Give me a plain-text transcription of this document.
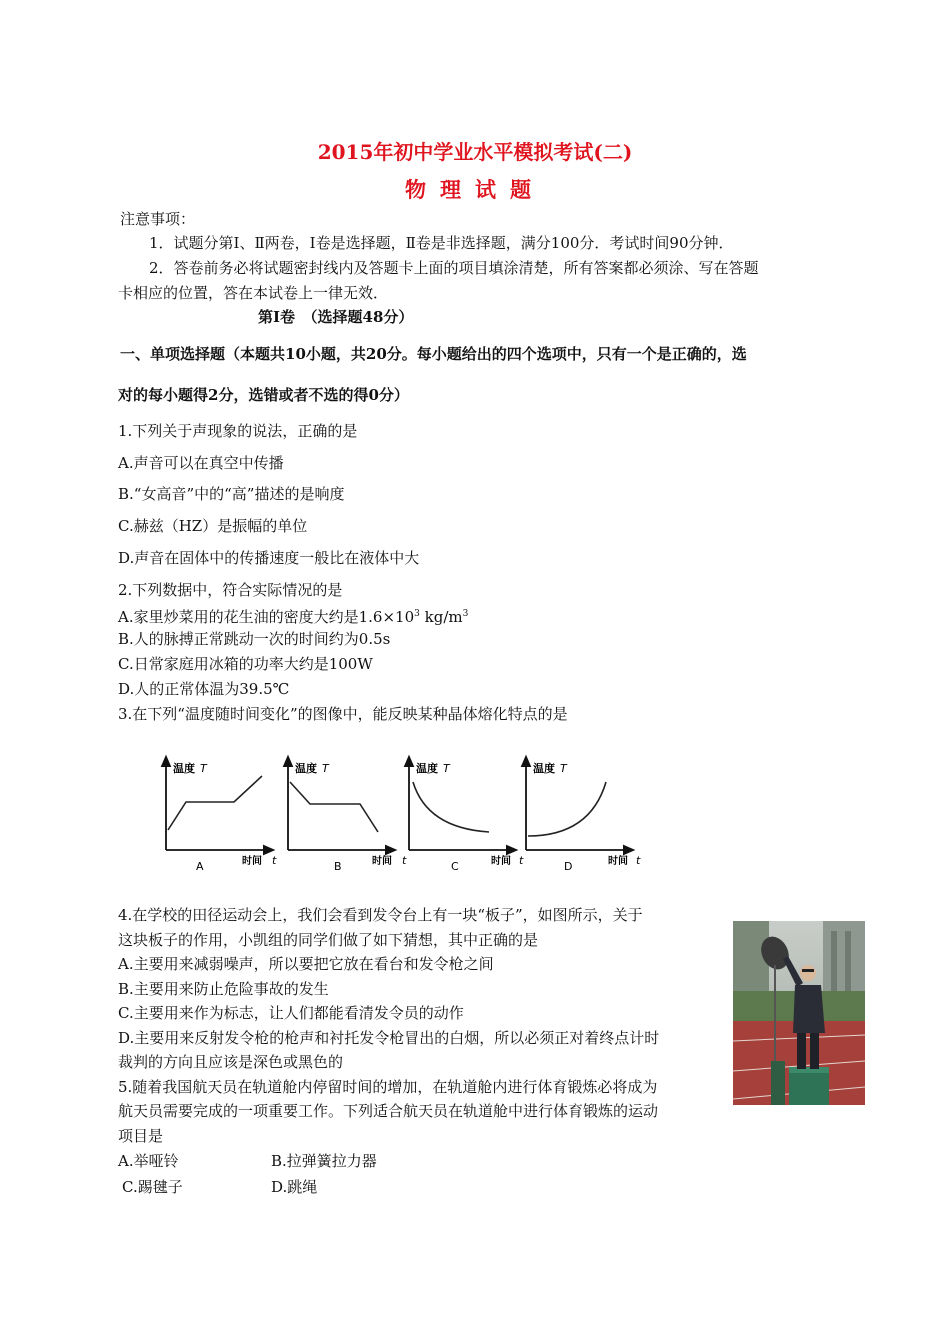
2015年初中学业水平模拟考试(二)
物理试题
注意事项：
1．试题分第Ⅰ、Ⅱ两卷，Ⅰ卷是选择题，Ⅱ卷是非选择题，满分100分．考试时间90分钟．
2．答卷前务必将试题密封线内及答题卡上面的项目填涂清楚，所有答案都必须涂、写在答题
卡相应的位置，答在本试卷上一律无效．
第Ⅰ卷　（选择题48分）
一、单项选择题（本题共10小题，共20分。每小题给出的四个选项中，只有一个是正确的，选
对的每小题得2分，选错或者不选的得0分）
1.下列关于声现象的说法，正确的是
A.声音可以在真空中传播
B.“女高音”中的“高”描述的是响度
C.赫兹（HZ）是振幅的单位
D.声音在固体中的传播速度一般比在液体中大
2.下列数据中，符合实际情况的是
A.家里炒菜用的花生油的密度大约是$1.6\times 10^3$ $kg/m^3$
B.人的脉搏正常跳动一次的时间约为0.5s
C.日常家庭用冰箱的功率大约是100W
D.人的正常体温为39.5℃
3.在下列“温度随时间变化”的图像中，能反映某种晶体熔化特点的是
温度 T
时间 t
A
温度 T
时间 t
B
温度 T
时间 t
C
温度 T
时间 t
D
4.在学校的田径运动会上，我们会看到发令台上有一块“板子”，如图所示，关于
这块板子的作用，小凯组的同学们做了如下猜想，其中正确的是
A.主要用来减弱噪声，所以要把它放在看台和发令枪之间
B.主要用来防止危险事故的发生
C.主要用来作为标志，让人们都能看清发令员的动作
D.主要用来反射发令枪的枪声和衬托发令枪冒出的白烟，所以必须正对着终点计时
裁判的方向且应该是深色或黑色的
5.随着我国航天员在轨道舱内停留时间的增加，在轨道舱内进行体育锻炼必将成为
航天员需要完成的一项重要工作。下列适合航天员在轨道舱中进行体育锻炼的运动
项目是
A.举哑铃	B.拉弹簧拉力器
C.踢毽子	D.跳绳
